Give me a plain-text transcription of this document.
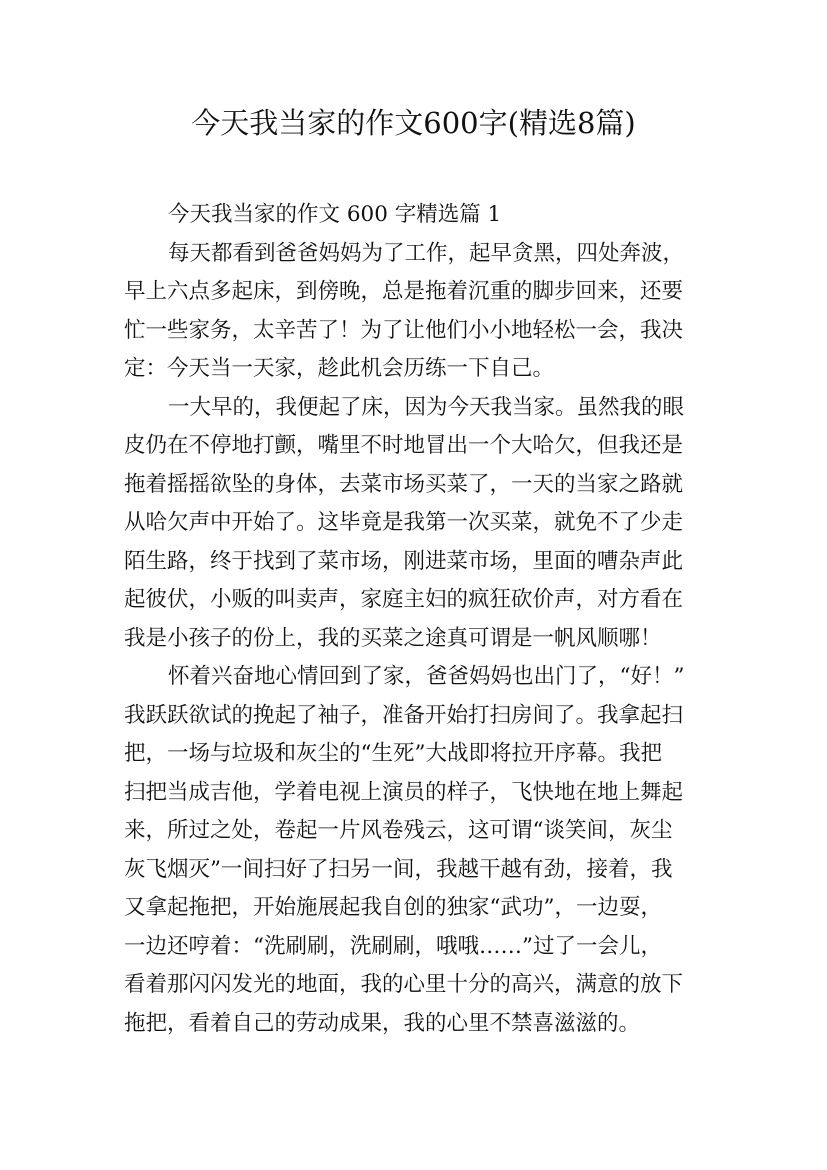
今天我当家的作文600字(精选8篇)

今天我当家的作文 600 字精选篇 1

每天都看到爸爸妈妈为了工作，起早贪黑，四处奔波，

早上六点多起床，到傍晚，总是拖着沉重的脚步回来，还要

忙一些家务，太辛苦了！为了让他们小小地轻松一会，我决

定：今天当一天家，趁此机会历练一下自己。

一大早的，我便起了床，因为今天我当家。虽然我的眼

皮仍在不停地打颤，嘴里不时地冒出一个大哈欠，但我还是

拖着摇摇欲坠的身体，去菜市场买菜了，一天的当家之路就

从哈欠声中开始了。这毕竟是我第一次买菜，就免不了少走

陌生路，终于找到了菜市场，刚进菜市场，里面的嘈杂声此

起彼伏，小贩的叫卖声，家庭主妇的疯狂砍价声，对方看在

我是小孩子的份上，我的买菜之途真可谓是一帆风顺哪！

怀着兴奋地心情回到了家，爸爸妈妈也出门了，“好！”

我跃跃欲试的挽起了袖子，准备开始打扫房间了。我拿起扫

把，一场与垃圾和灰尘的“生死”大战即将拉开序幕。我把

扫把当成吉他，学着电视上演员的样子，飞快地在地上舞起

来，所过之处，卷起一片风卷残云，这可谓“谈笑间，灰尘

灰飞烟灭”一间扫好了扫另一间，我越干越有劲，接着，我

又拿起拖把，开始施展起我自创的独家“武功”，一边耍，

一边还哼着：“洗刷刷，洗刷刷，哦哦……”过了一会儿，

看着那闪闪发光的地面，我的心里十分的高兴，满意的放下

拖把，看着自己的劳动成果，我的心里不禁喜滋滋的。
